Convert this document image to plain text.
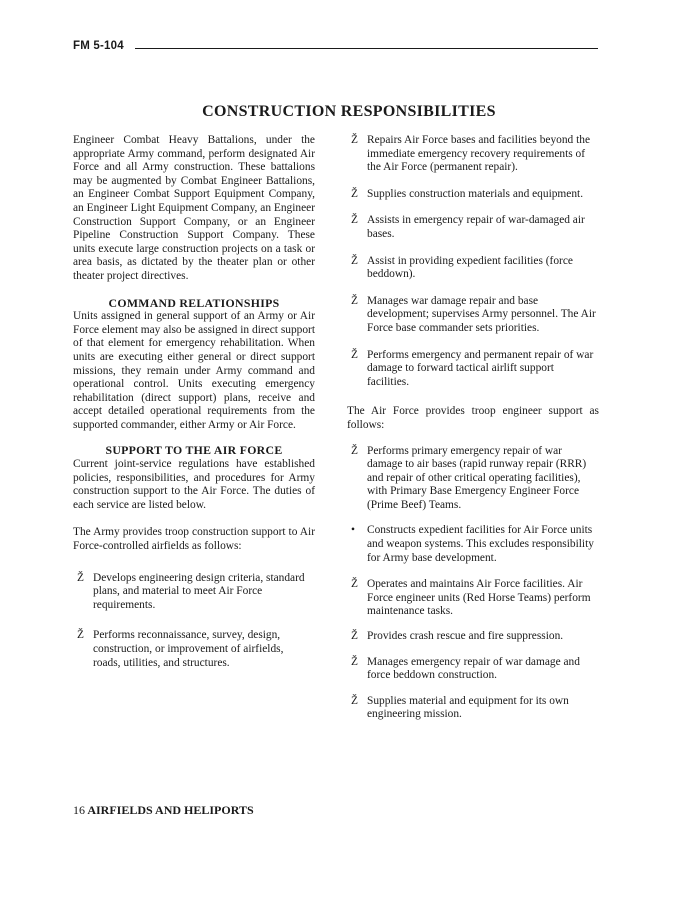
FM 5-104
CONSTRUCTION RESPONSIBILITIES

Engineer Combat Heavy Battalions, under the appropriate Army command, perform designated Air Force and all Army construction. These battalions may be augmented by Combat Engineer Battalions, an Engineer Combat Support Equipment Company, an Engineer Light Equipment Company, an Engineer Construction Support Company, or an Engineer Pipeline Construction Support Company. These units execute large construction projects on a task or area basis, as dictated by the theater plan or other theater project directives.

COMMAND RELATIONSHIPS

Units assigned in general support of an Army or Air Force element may also be assigned in direct support of that element for emergency rehabilitation. When units are executing either general or direct support missions, they remain under Army command and operational control. Units executing emergency rehabilitation (direct support) plans, receive and accept detailed operational requirements from the supported commander, either Army or Air Force.

SUPPORT TO THE AIR FORCE

Current joint-service regulations have established policies, responsibilities, and procedures for Army construction support to the Air Force. The duties of each service are listed below.

The Army provides troop construction support to Air Force-controlled airfields as follows:

Ž Develops engineering design criteria, standard plans, and material to meet Air Force requirements.
Ž Performs reconnaissance, survey, design, construction, or improvement of airfields, roads, utilities, and structures.
Ž Repairs Air Force bases and facilities beyond the immediate emergency recovery requirements of the Air Force (permanent repair).
Ž Supplies construction materials and equipment.
Ž Assists in emergency repair of war-damaged air bases.
Ž Assist in providing expedient facilities (force beddown).
Ž Manages war damage repair and base development; supervises Army personnel. The Air Force base commander sets priorities.
Ž Performs emergency and permanent repair of war damage to forward tactical airlift support facilities.

The Air Force provides troop engineer support as follows:

Ž Performs primary emergency repair of war damage to air bases (rapid runway repair (RRR) and repair of other critical operating facilities), with Primary Base Emergency Engineer Force (Prime Beef) Teams.
• Constructs expedient facilities for Air Force units and weapon systems. This excludes responsibility for Army base development.
Ž Operates and maintains Air Force facilities. Air Force engineer units (Red Horse Teams) perform maintenance tasks.
Ž Provides crash rescue and fire suppression.
Ž Manages emergency repair of war damage and force beddown construction.
Ž Supplies material and equipment for its own engineering mission.
16 AIRFIELDS AND HELIPORTS
